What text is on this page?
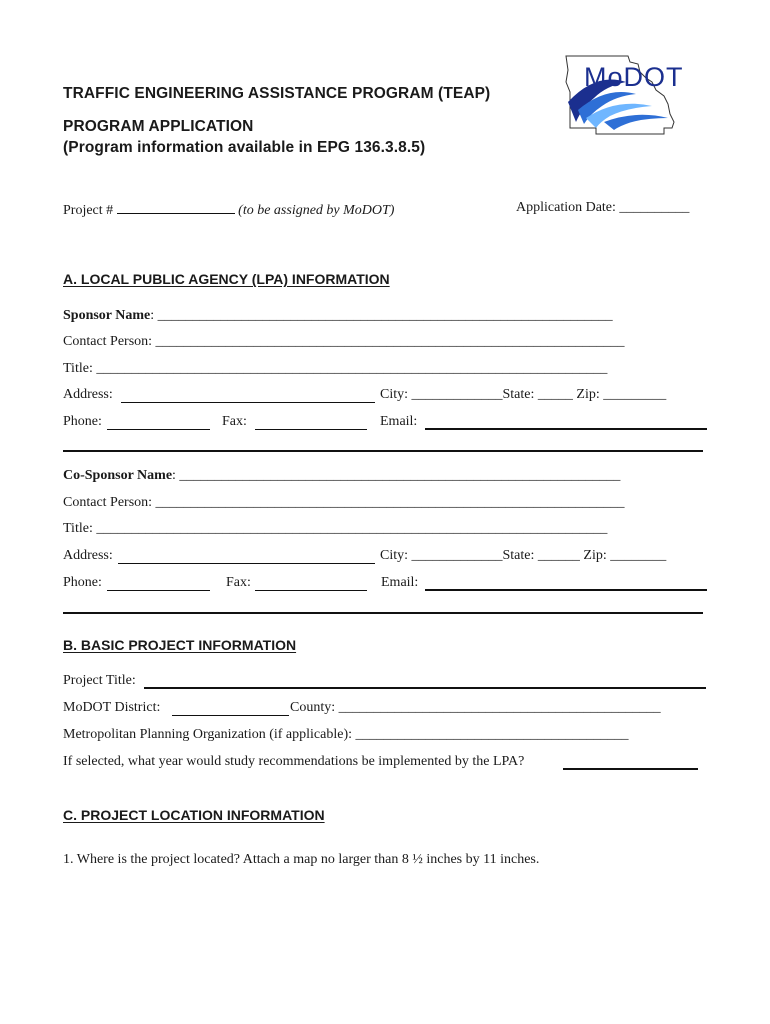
MoDOT
TRAFFIC ENGINEERING ASSISTANCE PROGRAM (TEAP)
PROGRAM APPLICATION
(Program information available in EPG 136.3.8.5)
Project #	(to be assigned by MoDOT)	Application Date: __________
A. LOCAL PUBLIC AGENCY (LPA) INFORMATION
Sponsor Name: _________________________________________________________________
Contact Person: ___________________________________________________________________
Title: _________________________________________________________________________
Address:	City: _____________State: _____ Zip: _________
Phone:	Fax:	Email:
Co-Sponsor Name: _______________________________________________________________
Contact Person: ___________________________________________________________________
Title: _________________________________________________________________________
Address:	City: _____________State: ______ Zip: ________
Phone:	Fax:	Email:
B. BASIC PROJECT INFORMATION
Project Title:
MoDOT District:	County: ______________________________________________
Metropolitan Planning Organization (if applicable): _______________________________________
If selected, what year would study recommendations be implemented by the LPA?
C. PROJECT LOCATION INFORMATION
1. Where is the project located? Attach a map no larger than 8 ½ inches by 11 inches.
